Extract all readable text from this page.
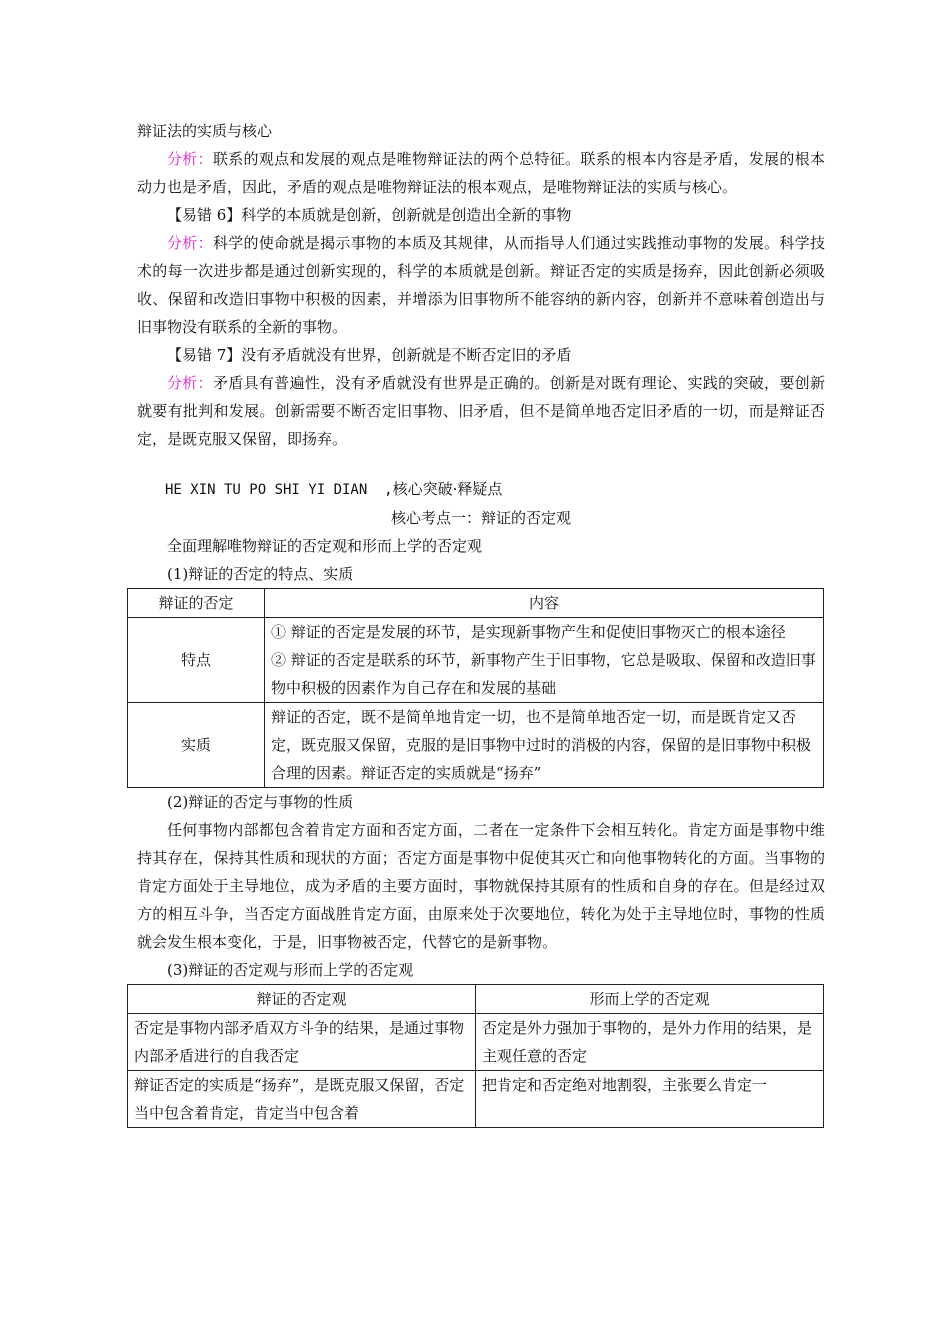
辩证法的实质与核心

分析：联系的观点和发展的观点是唯物辩证法的两个总特征。联系的根本内容是矛盾，发展的根本动力也是矛盾，因此，矛盾的观点是唯物辩证法的根本观点，是唯物辩证法的实质与核心。

【易错 6】科学的本质就是创新，创新就是创造出全新的事物

分析：科学的使命就是揭示事物的本质及其规律，从而指导人们通过实践推动事物的发展。科学技术的每一次进步都是通过创新实现的，科学的本质就是创新。辩证否定的实质是扬弃，因此创新必须吸收、保留和改造旧事物中积极的因素，并增添为旧事物所不能容纳的新内容，创新并不意味着创造出与旧事物没有联系的全新的事物。

【易错 7】没有矛盾就没有世界，创新就是不断否定旧的矛盾

分析：矛盾具有普遍性，没有矛盾就没有世界是正确的。创新是对既有理论、实践的突破，要创新就要有批判和发展。创新需要不断否定旧事物、旧矛盾，但不是简单地否定旧矛盾的一切，而是辩证否定，是既克服又保留，即扬弃。

HE XIN TU PO SHI YI DIAN  ,核心突破·释疑点

核心考点一：辩证的否定观

全面理解唯物辩证的否定观和形而上学的否定观

(1)辩证的否定的特点、实质

辩证的否定	内容
特点	① 辩证的否定是发展的环节，是实现新事物产生和促使旧事物灭亡的根本途径
② 辩证的否定是联系的环节，新事物产生于旧事物，它总是吸取、保留和改造旧事物中积极的因素作为自己存在和发展的基础

实质	辩证的否定，既不是简单地肯定一切，也不是简单地否定一切，而是既肯定又否定，既克服又保留，克服的是旧事物中过时的消极的内容，保留的是旧事物中积极合理的因素。辩证否定的实质就是“扬弃”

(2)辩证的否定与事物的性质

任何事物内部都包含着肯定方面和否定方面，二者在一定条件下会相互转化。肯定方面是事物中维持其存在，保持其性质和现状的方面；否定方面是事物中促使其灭亡和向他事物转化的方面。当事物的肯定方面处于主导地位，成为矛盾的主要方面时，事物就保持其原有的性质和自身的存在。但是经过双方的相互斗争，当否定方面战胜肯定方面，由原来处于次要地位，转化为处于主导地位时，事物的性质就会发生根本变化，于是，旧事物被否定，代替它的是新事物。

(3)辩证的否定观与形而上学的否定观

辩证的否定观	形而上学的否定观
否定是事物内部矛盾双方斗争的结果，是通过事物内部矛盾进行的自我否定	否定是外力强加于事物的，是外力作用的结果，是主观任意的否定
辩证否定的实质是“扬弃”，是既克服又保留，否定当中包含着肯定，肯定当中包含着	把肯定和否定绝对地割裂，主张要么肯定一
